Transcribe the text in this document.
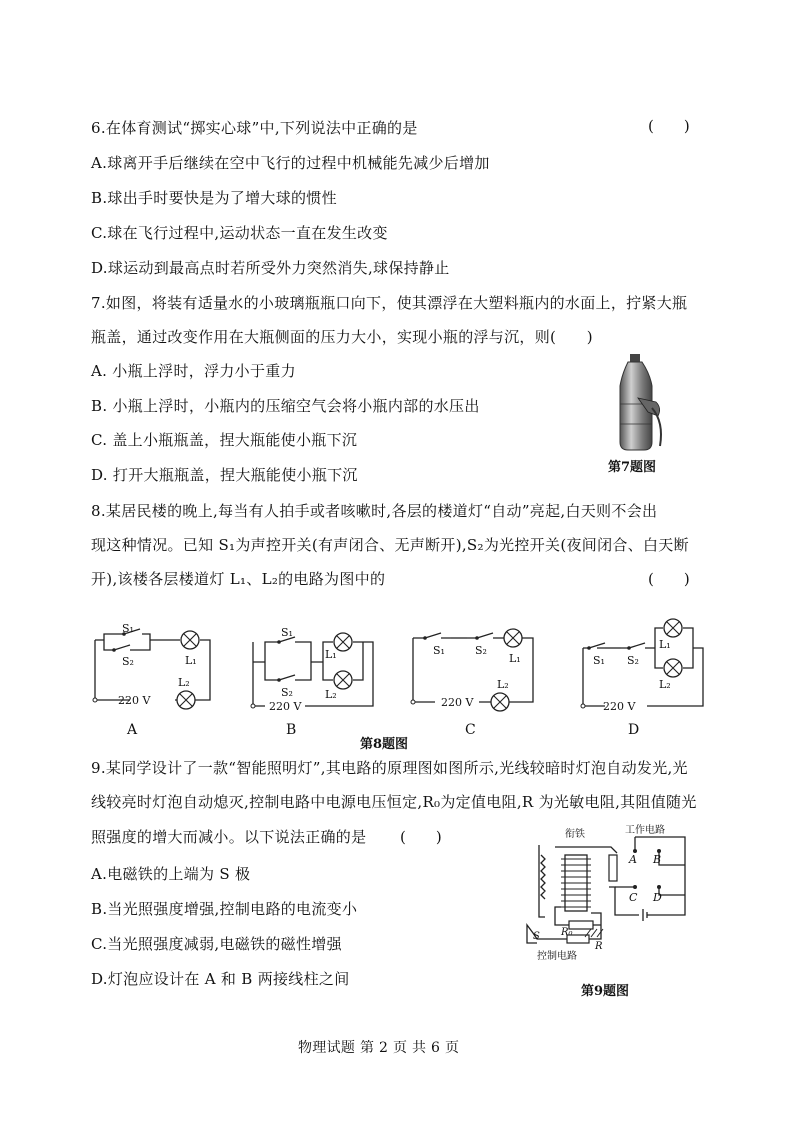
6.在体育测试“掷实心球”中,下列说法中正确的是	(　　)
A.球离开手后继续在空中飞行的过程中机械能先减少后增加
B.球出手时要快是为了增大球的惯性
C.球在飞行过程中,运动状态一直在发生改变
D.球运动到最高点时若所受外力突然消失,球保持静止
7.如图，将装有适量水的小玻璃瓶瓶口向下，使其漂浮在大塑料瓶内的水面上，拧紧大瓶
瓶盖，通过改变作用在大瓶侧面的压力大小，实现小瓶的浮与沉，则(　　)
A. 小瓶上浮时，浮力小于重力
B. 小瓶上浮时，小瓶内的压缩空气会将小瓶内部的水压出
C. 盖上小瓶瓶盖，捏大瓶能使小瓶下沉
D. 打开大瓶瓶盖，捏大瓶能使小瓶下沉	第7题图
8.某居民楼的晚上,每当有人拍手或者咳嗽时,各层的楼道灯“自动”亮起,白天则不会出
现这种情况。已知 S₁为声控开关(有声闭合、无声断开),S₂为光控开关(夜间闭合、白天断
开),该楼各层楼道灯 L₁、L₂的电路为图中的	(　　)
S₁
S₂	L₁
L₂
220 V
S₁
S₂
L₁
L₂
220 V
S₁	S₂
L₁
L₂
220 V
S₁ S₂
L₁
L₂
220 V
A	B	C	D
第8题图
9.某同学设计了一款“智能照明灯”,其电路的原理图如图所示,光线较暗时灯泡自动发光,光
线较亮时灯泡自动熄灭,控制电路中电源电压恒定,R₀为定值电阻,R 为光敏电阻,其阻值随光
照强度的增大而减小。以下说法正确的是 (　　)
A.电磁铁的上端为 S 极
B.当光照强度增强,控制电路的电流变小
C.当光照强度减弱,电磁铁的磁性增强
D.灯泡应设计在 A 和 B 两接线柱之间
衔铁	工作电路
A B
C D
S R₀
R
控制电路
第9题图
物理试题 第 2 页 共 6 页
